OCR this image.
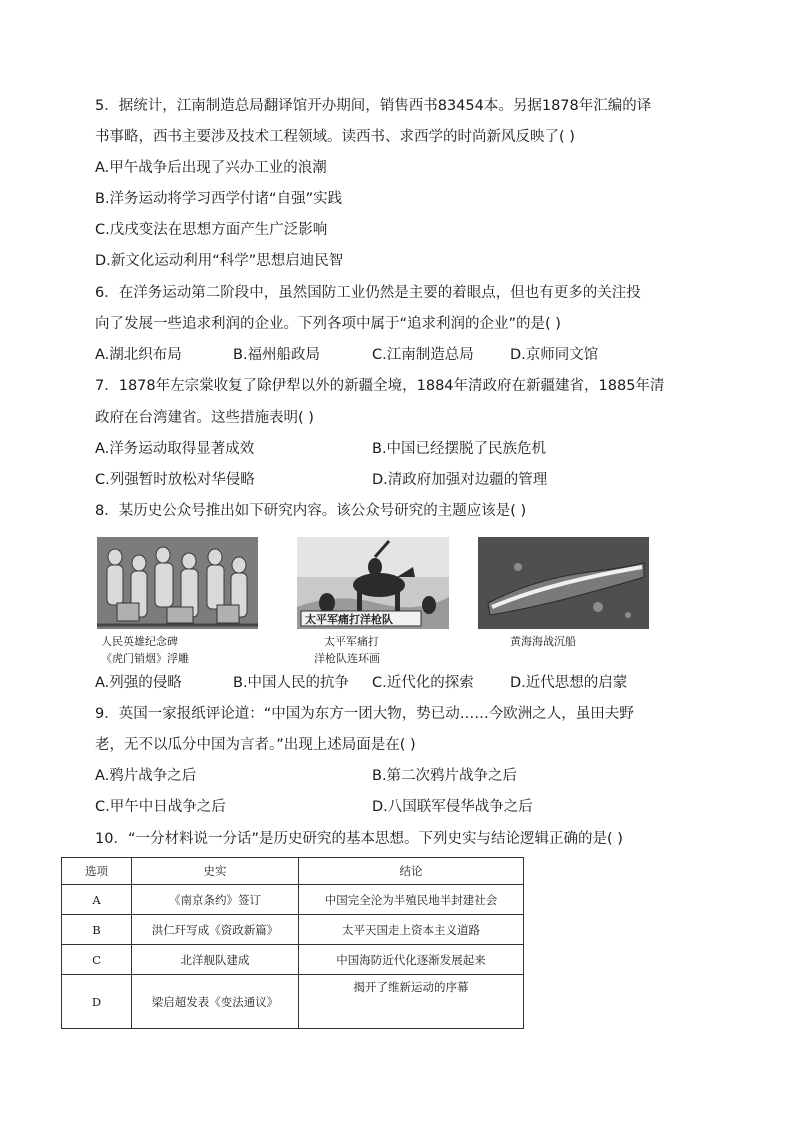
5．据统计，江南制造总局翻译馆开办期间，销售西书83454本。另据1878年汇编的译
书事略，西书主要涉及技术工程领域。读西书、求西学的时尚新风反映了( )
A.甲午战争后出现了兴办工业的浪潮
B.洋务运动将学习西学付诸“自强”实践
C.戊戌变法在思想方面产生广泛影响
D.新文化运动利用“科学”思想启迪民智
6．在洋务运动第二阶段中，虽然国防工业仍然是主要的着眼点，但也有更多的关注投
向了发展一些追求利润的企业。下列各项中属于“追求利润的企业”的是( )
A.湖北织布局	B.福州船政局	C.江南制造总局	D.京师同文馆
7．1878年左宗棠收复了除伊犁以外的新疆全境，1884年清政府在新疆建省，1885年清
政府在台湾建省。这些措施表明( )
A.洋务运动取得显著成效	B.中国已经摆脱了民族危机
C.列强暂时放松对华侵略	D.清政府加强对边疆的管理
8．某历史公众号推出如下研究内容。该公众号研究的主题应该是( )
人民英雄纪念碑
《虎门销烟》浮雕
太平军痛打洋枪队
太平军痛打
洋枪队连环画
黄海海战沉船
A.列强的侵略	B.中国人民的抗争 C.近代化的探索	D.近代思想的启蒙
9．英国一家报纸评论道：“中国为东方一团大物，势已动……今欧洲之人，虽田夫野
老，无不以瓜分中国为言者。”出现上述局面是在( )
A.鸦片战争之后	B.第二次鸦片战争之后
C.甲午中日战争之后	D.八国联军侵华战争之后
10．“一分材料说一分话”是历史研究的基本思想。下列史实与结论逻辑正确的是( )
选项	史实	结论
A	《南京条约》签订	中国完全沦为半殖民地半封建社会
B	洪仁玕写成《资政新篇》	太平天国走上资本主义道路
C	北洋舰队建成	中国海防近代化逐渐发展起来
D	梁启超发表《变法通议》	揭开了维新运动的序幕
